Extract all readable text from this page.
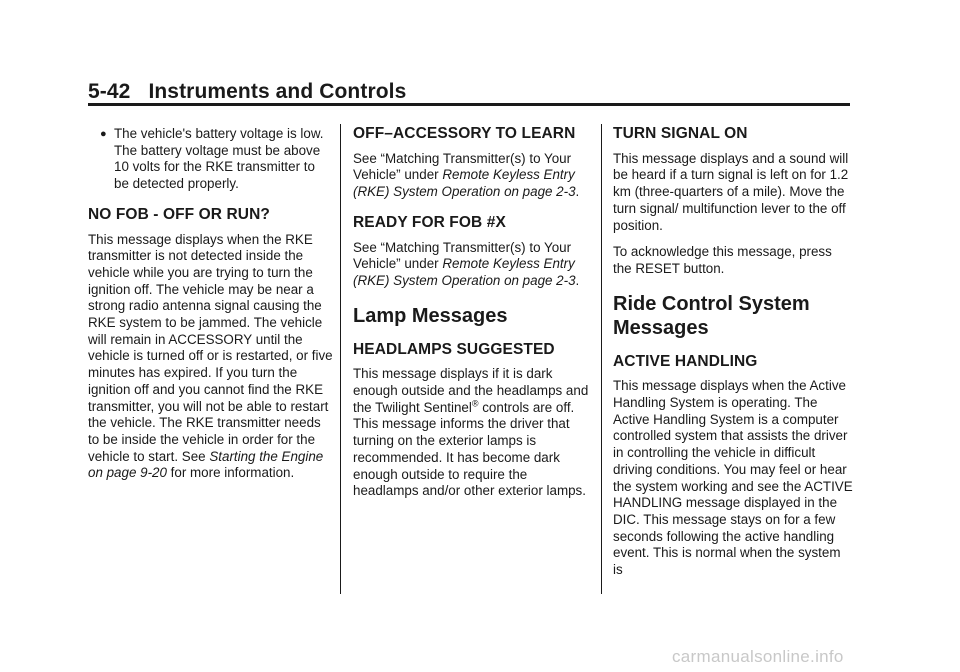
5-42 Instruments and Controls
● The vehicle's battery voltage is low. The battery voltage must be above 10 volts for the RKE transmitter to be detected properly.
NO FOB - OFF OR RUN?

This message displays when the RKE transmitter is not detected inside the vehicle while you are trying to turn the ignition off. The vehicle may be near a strong radio antenna signal causing the RKE system to be jammed. The vehicle will remain in ACCESSORY until the vehicle is turned off or is restarted, or five minutes has expired. If you turn the ignition off and you cannot find the RKE transmitter, you will not be able to restart the vehicle. The RKE transmitter needs to be inside the vehicle in order for the vehicle to start. See Starting the Engine on page 9-20 for more information.

OFF–ACCESSORY TO LEARN

See “Matching Transmitter(s) to Your Vehicle” under Remote Keyless Entry (RKE) System Operation on page 2-3.

READY FOR FOB #X

See “Matching Transmitter(s) to Your Vehicle” under Remote Keyless Entry (RKE) System Operation on page 2-3.

Lamp Messages
HEADLAMPS SUGGESTED

This message displays if it is dark enough outside and the headlamps and the Twilight Sentinel® controls are off. This message informs the driver that turning on the exterior lamps is recommended. It has become dark enough outside to require the headlamps and/or other exterior lamps.

TURN SIGNAL ON

This message displays and a sound will be heard if a turn signal is left on for 1.2 km (three-quarters of a mile). Move the turn signal/ multifunction lever to the off position.

To acknowledge this message, press the RESET button.

Ride Control System Messages
ACTIVE HANDLING

This message displays when the Active Handling System is operating. The Active Handling System is a computer controlled system that assists the driver in controlling the vehicle in difficult driving conditions. You may feel or hear the system working and see the ACTIVE HANDLING message displayed in the DIC. This message stays on for a few seconds following the active handling event. This is normal when the system is

carmanualsonline.info
